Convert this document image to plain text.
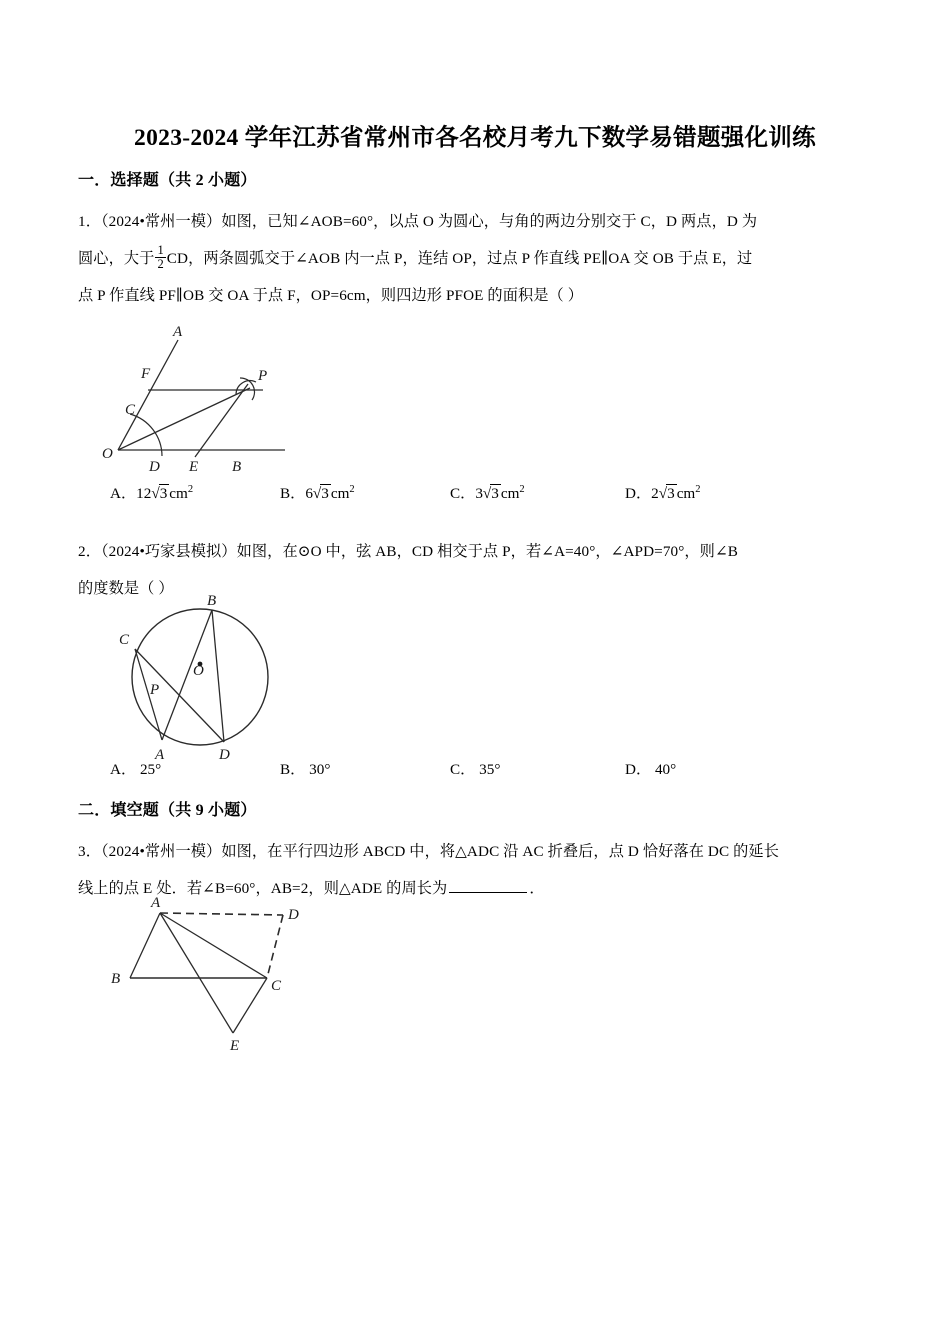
2023-2024 学年江苏省常州市各名校月考九下数学易错题强化训练
一．选择题（共 2 小题）
1．（2024•常州一模）如图，已知∠AOB=60°，以点 O 为圆心，与角的两边分别交于 C，D 两点，D 为
圆心，大于 $\frac{1}{2}$ CD，两条圆弧交于∠AOB 内一点 P，连结 OP，过点 P 作直线 PE∥OA 交 OB 于点 E，过
点 P 作直线 PF∥OB 交 OA 于点 F，OP=6cm，则四边形 PFOE 的面积是（ ）
A
F	P
C
O
D E B
A．12√3 $cm^2$	B．6√3 $cm^2$	C．3√3 $cm^2$	D．2√3 $cm^2$
2．（2024•巧家县模拟）如图，在⊙O 中，弦 AB，CD 相交于点 P，若∠A=40°，∠APD=70°，则∠B
的度数是（ ）
B
C
O
P
A	D
A． 25°	B． 30°	C． 35°	D． 40°
二．填空题（共 9 小题）
3．（2024•常州一模）如图，在平行四边形 ABCD 中，将△ADC 沿 AC 折叠后，点 D 恰好落在 DC 的延长
线上的点 E 处．若∠B=60°，AB=2，则△ADE 的周长为	．
A
D
B	C
E
